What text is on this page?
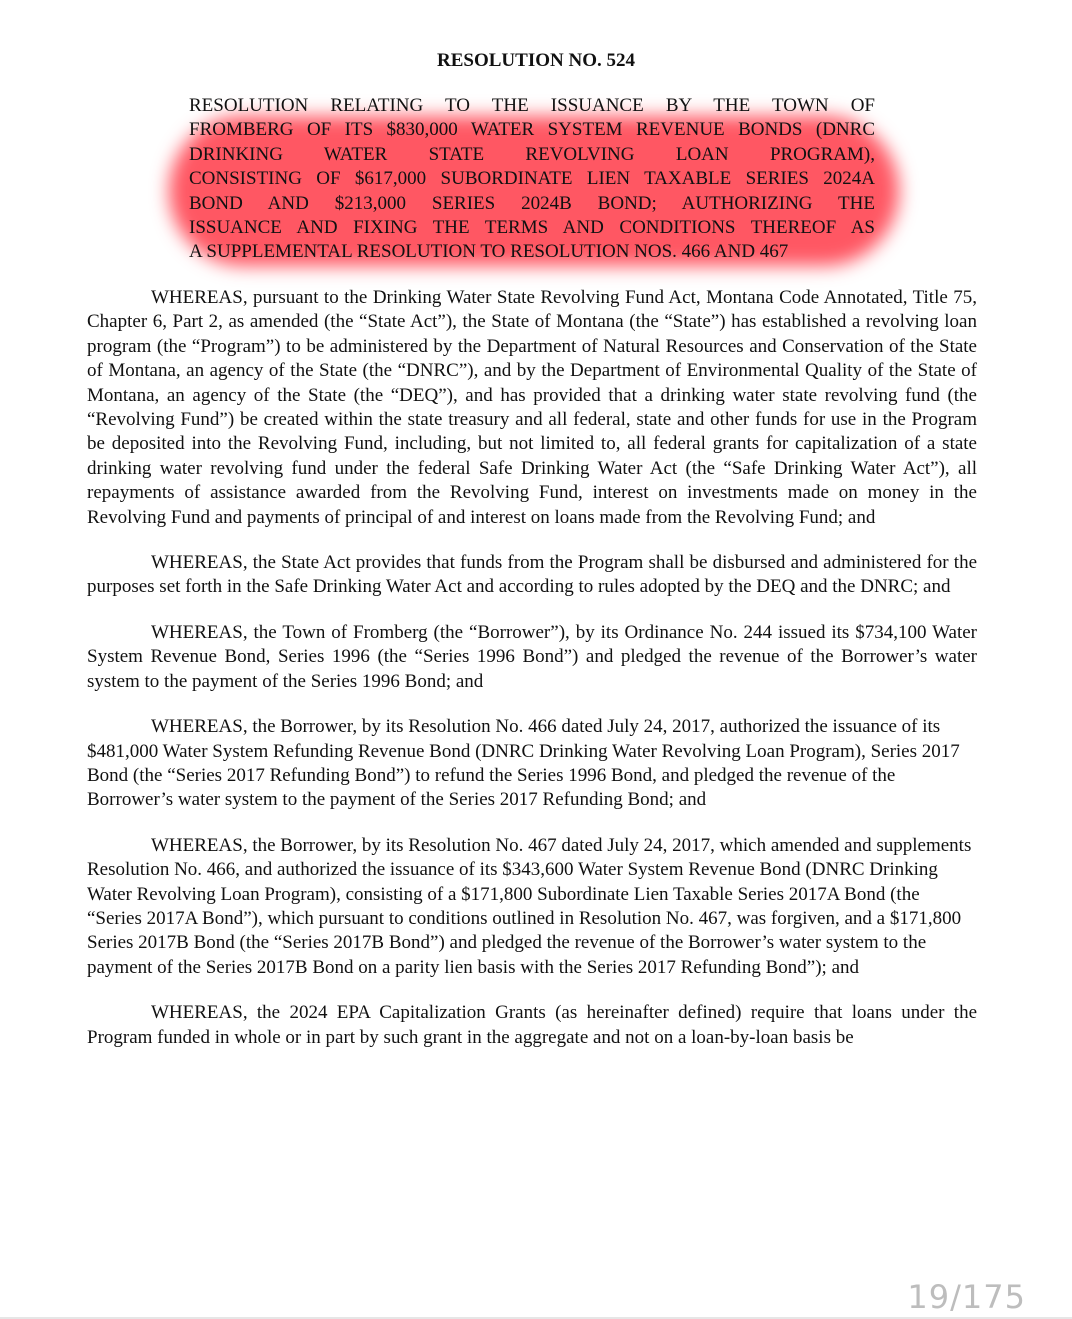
RESOLUTION NO. 524
RESOLUTION RELATING TO THE ISSUANCE BY THE TOWN OF
FROMBERG OF ITS $830,000 WATER SYSTEM REVENUE BONDS (DNRC
DRINKING WATER STATE REVOLVING LOAN PROGRAM),
CONSISTING OF $617,000 SUBORDINATE LIEN TAXABLE SERIES 2024A
BOND AND $213,000 SERIES 2024B BOND; AUTHORIZING THE
ISSUANCE AND FIXING THE TERMS AND CONDITIONS THEREOF AS
A SUPPLEMENTAL RESOLUTION TO RESOLUTION NOS. 466 AND 467

WHEREAS, pursuant to the Drinking Water State Revolving Fund Act, Montana Code Annotated, Title 75, Chapter 6, Part 2, as amended (the “State Act”), the State of Montana (the “State”) has established a revolving loan program (the “Program”) to be administered by the Department of Natural Resources and Conservation of the State of Montana, an agency of the State (the “DNRC”), and by the Department of Environmental Quality of the State of Montana, an agency of the State (the “DEQ”), and has provided that a drinking water state revolving fund (the “Revolving Fund”) be created within the state treasury and all federal, state and other funds for use in the Program be deposited into the Revolving Fund, including, but not limited to, all federal grants for capitalization of a state drinking water revolving fund under the federal Safe Drinking Water Act (the “Safe Drinking Water Act”), all repayments of assistance awarded from the Revolving Fund, interest on investments made on money in the Revolving Fund and payments of principal of and interest on loans made from the Revolving Fund; and

WHEREAS, the State Act provides that funds from the Program shall be disbursed and administered for the purposes set forth in the Safe Drinking Water Act and according to rules adopted by the DEQ and the DNRC; and

WHEREAS, the Town of Fromberg (the “Borrower”), by its Ordinance No. 244 issued its $734,100 Water System Revenue Bond, Series 1996 (the “Series 1996 Bond”) and pledged the revenue of the Borrower’s water system to the payment of the Series 1996 Bond; and

WHEREAS, the Borrower, by its Resolution No. 466 dated July 24, 2017, authorized the issuance of its $481,000 Water System Refunding Revenue Bond (DNRC Drinking Water Revolving Loan Program), Series 2017 Bond (the “Series 2017 Refunding Bond”) to refund the Series 1996 Bond, and pledged the revenue of the Borrower’s water system to the payment of the Series 2017 Refunding Bond; and

WHEREAS, the Borrower, by its Resolution No. 467 dated July 24, 2017, which amended and supplements Resolution No. 466, and authorized the issuance of its $343,600 Water System Revenue Bond (DNRC Drinking Water Revolving Loan Program), consisting of a $171,800 Subordinate Lien Taxable Series 2017A Bond (the “Series 2017A Bond”), which pursuant to conditions outlined in Resolution No. 467, was forgiven, and a $171,800 Series 2017B Bond (the “Series 2017B Bond”) and pledged the revenue of the Borrower’s water system to the payment of the Series 2017B Bond on a parity lien basis with the Series 2017 Refunding Bond”); and

WHEREAS, the 2024 EPA Capitalization Grants (as hereinafter defined) require that loans under the Program funded in whole or in part by such grant in the aggregate and not on a loan-by-loan basis be

19/175
